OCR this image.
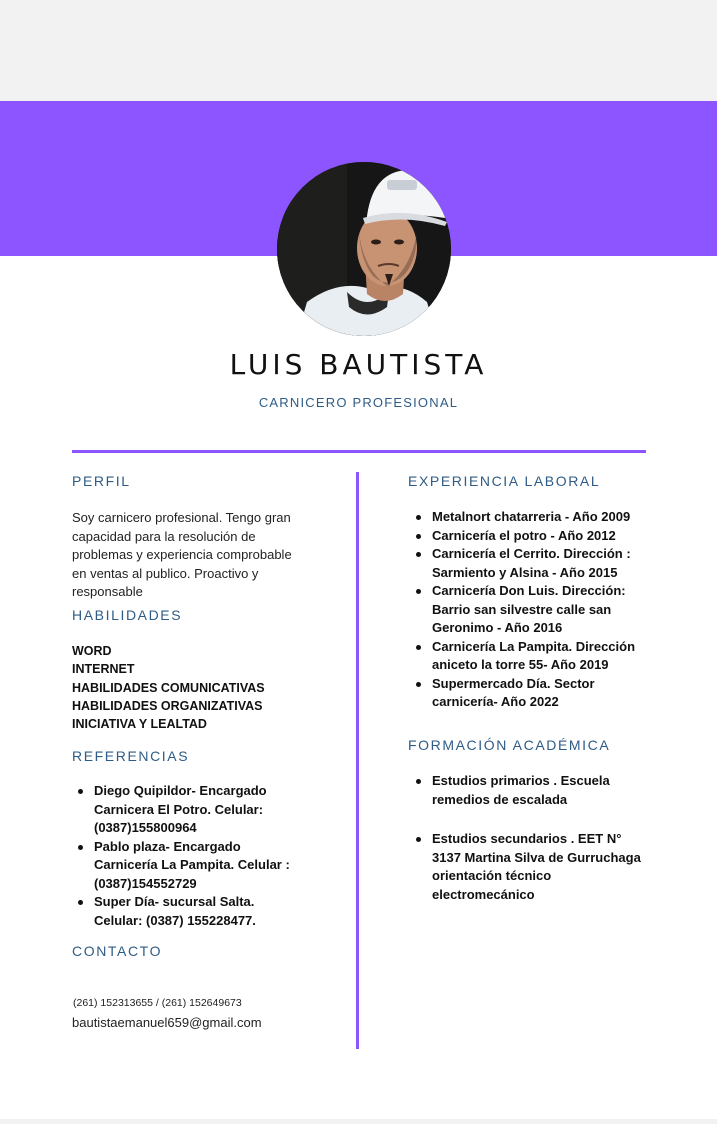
LUIS BAUTISTA
CARNICERO PROFESIONAL
PERFIL
Soy carnicero profesional. Tengo gran capacidad para la resolución de problemas y experiencia comprobable en ventas al publico. Proactivo y responsable
HABILIDADES
WORD
INTERNET
HABILIDADES COMUNICATIVAS
HABILIDADES ORGANIZATIVAS
INICIATIVA Y LEALTAD
REFERENCIAS
Diego Quipildor- Encargado Carnicera El Potro. Celular: (0387)155800964
Pablo plaza- Encargado Carnicería La Pampita. Celular : (0387)154552729
Super Día- sucursal Salta. Celular: (0387) 155228477.
CONTACTO
(261) 152313655 / (261) 152649673
bautistaemanuel659@gmail.com
EXPERIENCIA LABORAL
Metalnort chatarreria - Año 2009
Carnicería el potro - Año 2012
Carnicería el Cerrito. Dirección : Sarmiento y Alsina - Año 2015
Carnicería Don Luis. Dirección: Barrio san silvestre calle san Geronimo - Año 2016
Carnicería La Pampita. Dirección aniceto la torre 55- Año 2019
Supermercado Día. Sector carnicería- Año 2022
FORMACIÓN ACADÉMICA
Estudios primarios . Escuela remedios de escalada
Estudios secundarios . EET N° 3137 Martina Silva de Gurruchaga orientación técnico electromecánico
